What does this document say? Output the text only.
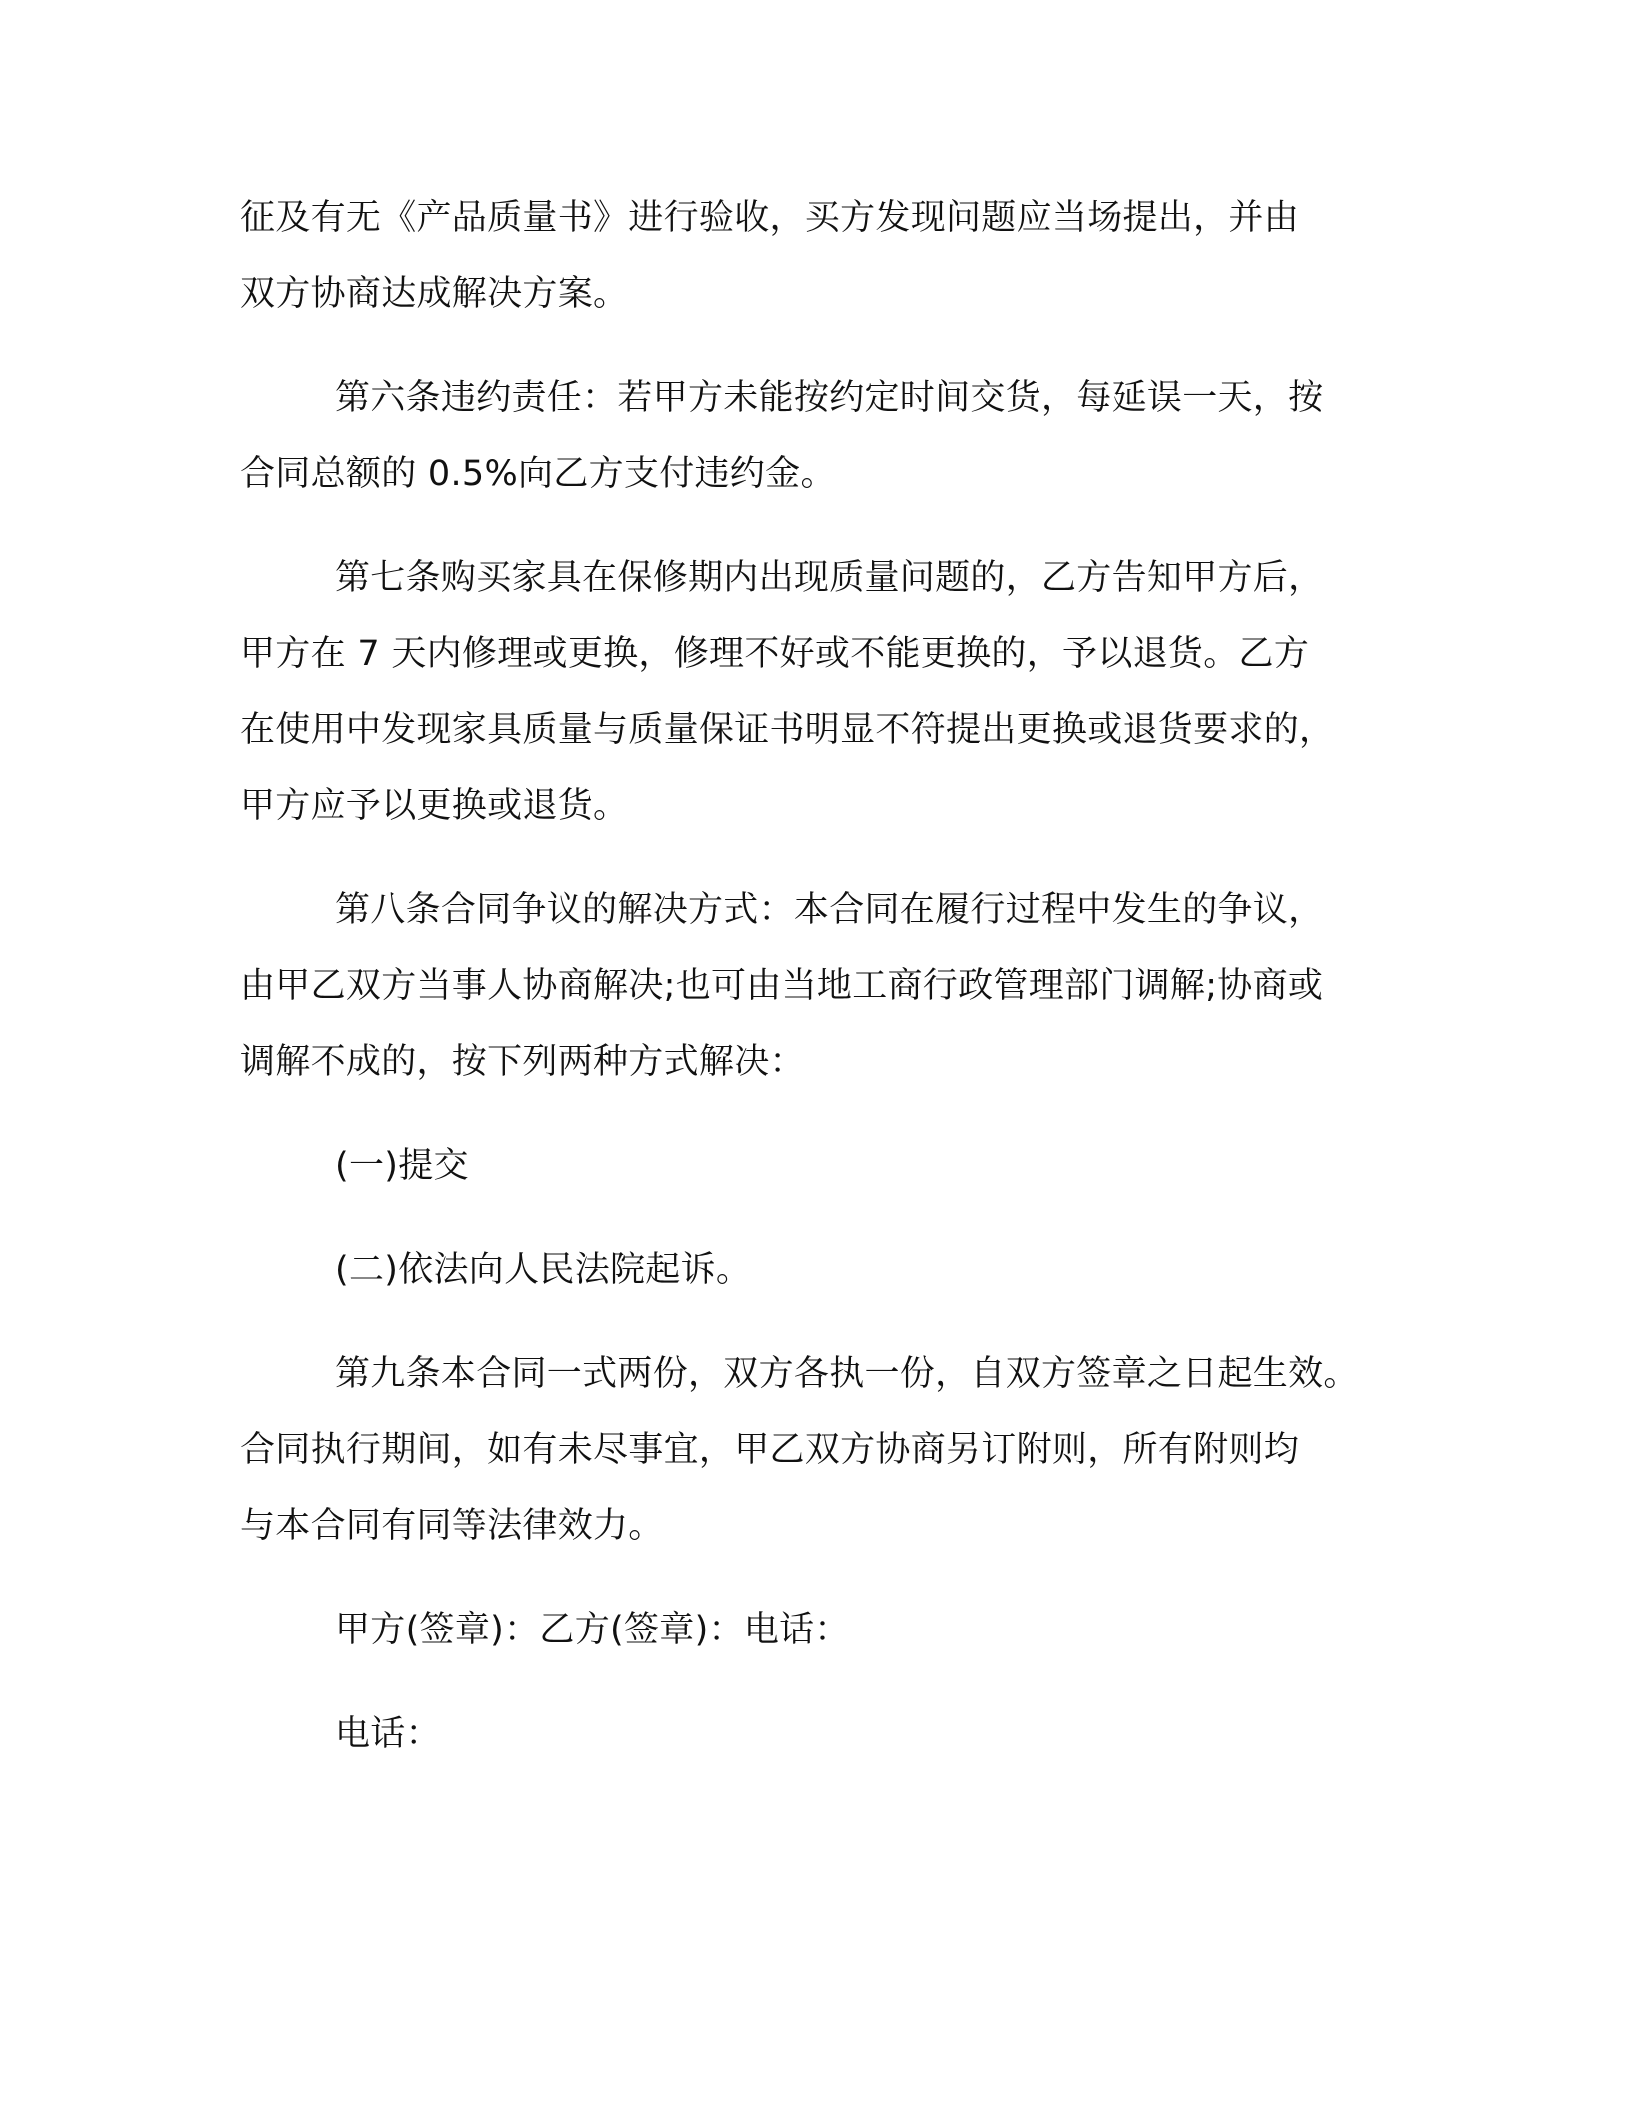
征及有无《产品质量书》进行验收，买方发现问题应当场提出，并由
双方协商达成解决方案。
第六条违约责任：若甲方未能按约定时间交货，每延误一天，按
合同总额的 0.5%向乙方支付违约金。
第七条购买家具在保修期内出现质量问题的，乙方告知甲方后，
甲方在 7 天内修理或更换，修理不好或不能更换的，予以退货。乙方
在使用中发现家具质量与质量保证书明显不符提出更换或退货要求的，
甲方应予以更换或退货。
第八条合同争议的解决方式：本合同在履行过程中发生的争议，
由甲乙双方当事人协商解决;也可由当地工商行政管理部门调解;协商或
调解不成的，按下列两种方式解决：
(一)提交
(二)依法向人民法院起诉。
第九条本合同一式两份，双方各执一份，自双方签章之日起生效。
合同执行期间，如有未尽事宜，甲乙双方协商另订附则，所有附则均
与本合同有同等法律效力。
甲方(签章)：乙方(签章)：电话：
电话：
